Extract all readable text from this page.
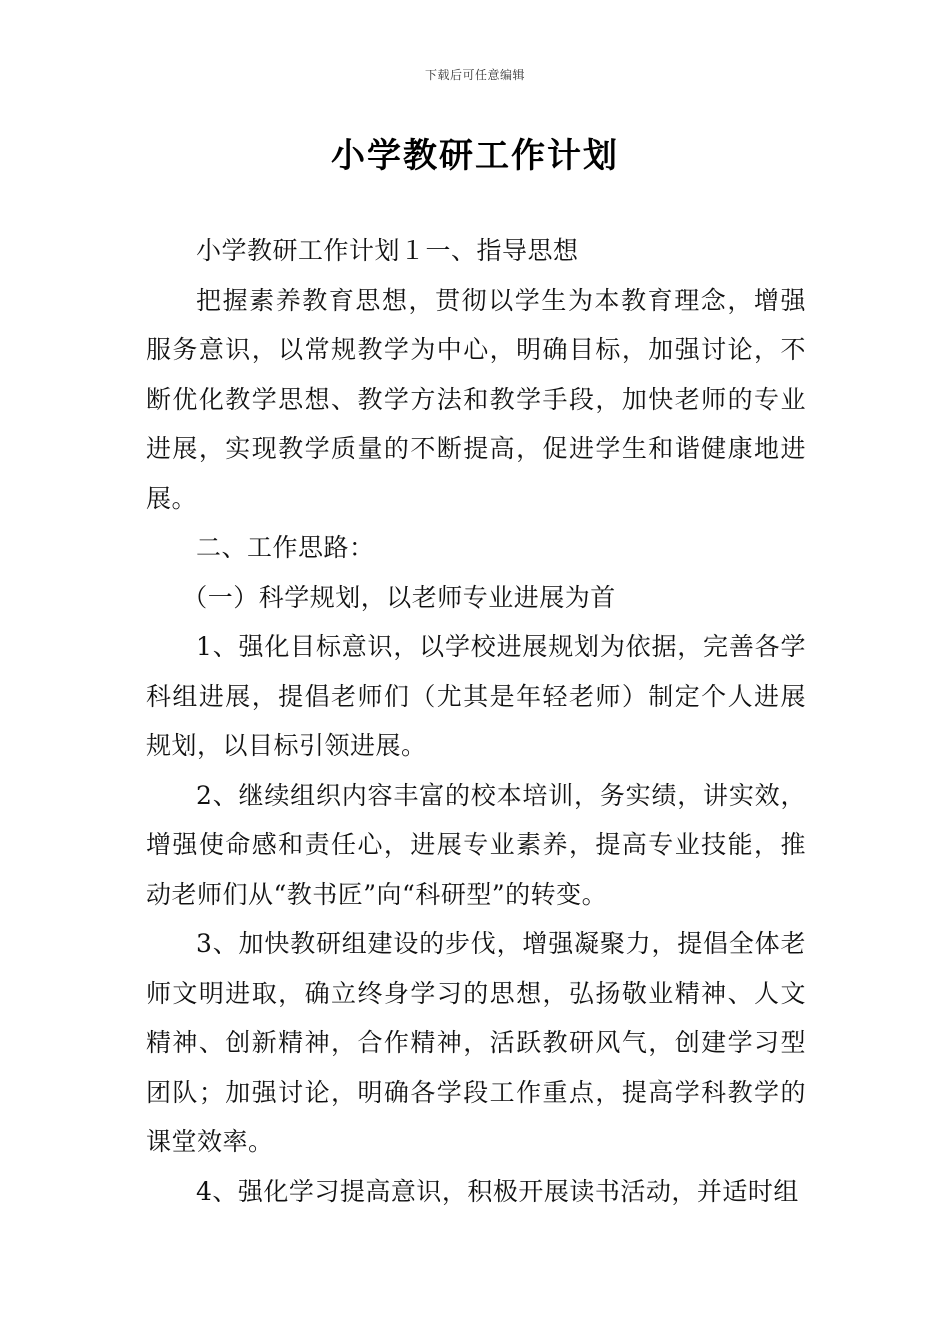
下载后可任意编辑
小学教研工作计划

小学教研工作计划１一、指导思想

把握素养教育思想，贯彻以学生为本教育理念，增强服务意识，以常规教学为中心，明确目标，加强讨论，不断优化教学思想、教学方法和教学手段，加快老师的专业进展，实现教学质量的不断提高，促进学生和谐健康地进展。

二、工作思路：

（一）科学规划，以老师专业进展为首

1、强化目标意识，以学校进展规划为依据，完善各学科组进展，提倡老师们（尤其是年轻老师）制定个人进展规划，以目标引领进展。

2、继续组织内容丰富的校本培训，务实绩，讲实效，增强使命感和责任心，进展专业素养，提高专业技能，推动老师们从“教书匠”向“科研型”的转变。

3、加快教研组建设的步伐，增强凝聚力，提倡全体老师文明进取，确立终身学习的思想，弘扬敬业精神、人文精神、创新精神，合作精神，活跃教研风气，创建学习型团队；加强讨论，明确各学段工作重点，提高学科教学的课堂效率。

4、强化学习提高意识，积极开展读书活动，并适时组
